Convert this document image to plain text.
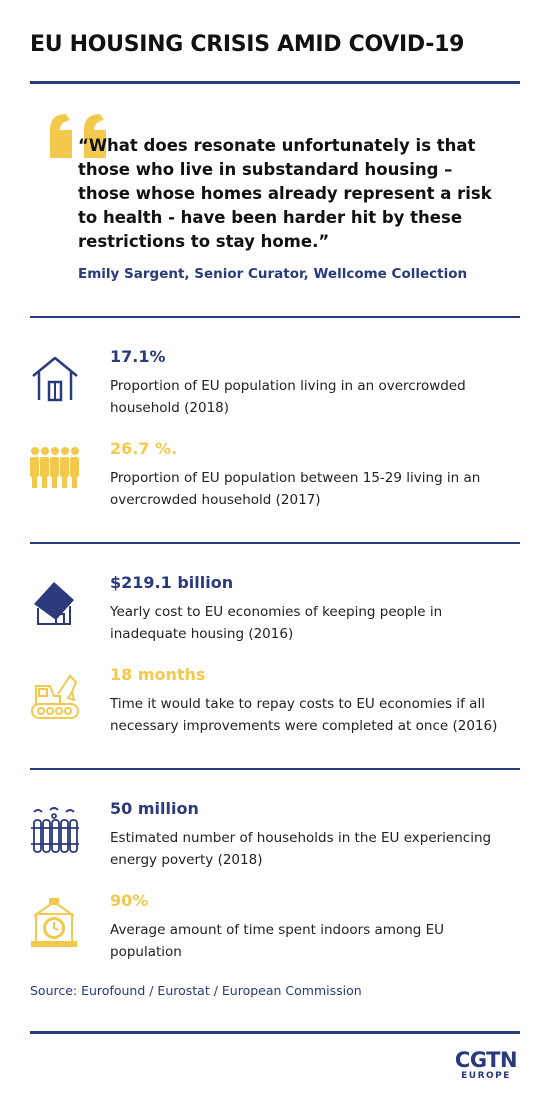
EU HOUSING CRISIS AMID COVID-19
“What does resonate unfortunately is that those who live in substandard housing – those whose homes already represent a risk to health - have been harder hit by these restrictions to stay home.”
Emily Sargent, Senior Curator, Wellcome Collection
17.1%
Proportion of EU population living in an overcrowded household (2018)
26.7 %.
Proportion of EU population between 15-29 living in an overcrowded household (2017)
$219.1 billion
Yearly cost to EU economies of keeping people in inadequate housing (2016)
18 months
Time it would take to repay costs to EU economies if all necessary improvements were completed at once (2016)
50 million
Estimated number of households in the EU experiencing energy poverty (2018)
90%
Average amount of time spent indoors among EU population
Source: Eurofound / Eurostat / European Commission
CGTN
EUROPE
